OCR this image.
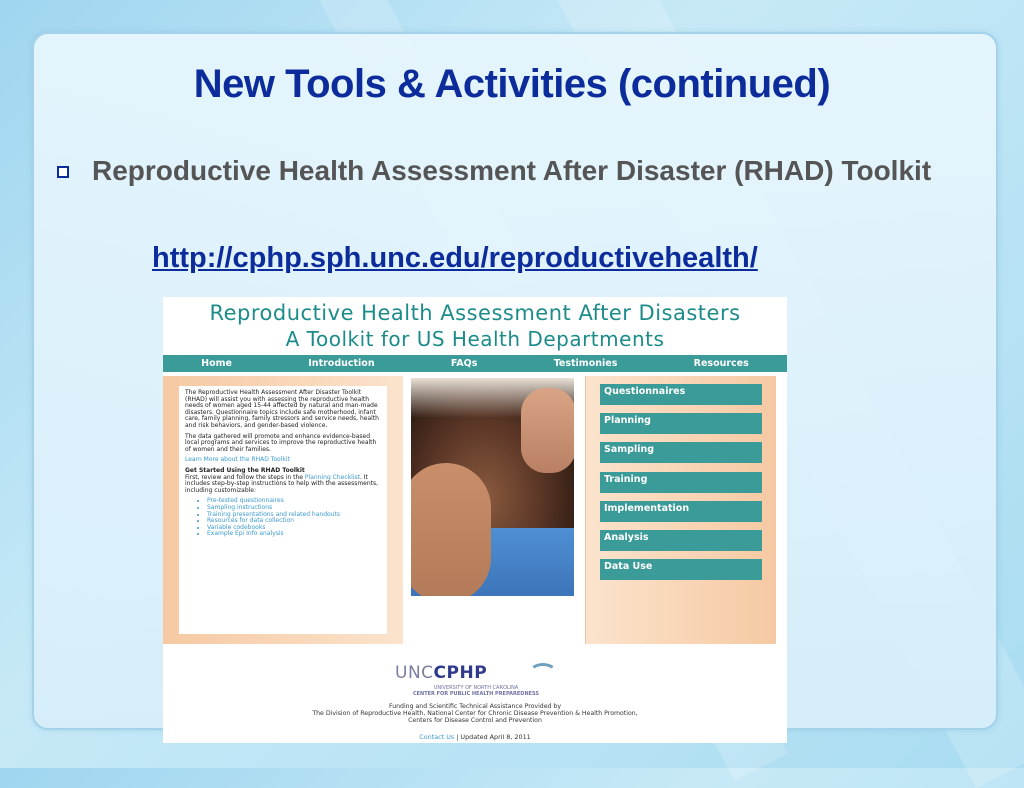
New Tools & Activities (continued)
Reproductive Health Assessment After Disaster (RHAD) Toolkit
http://cphp.sph.unc.edu/reproductivehealth/
Reproductive Health Assessment After Disasters
A Toolkit for US Health Departments
Home	Introduction	FAQs	Testimonies	Resources

The Reproductive Health Assessment After Disaster Toolkit (RHAD) will assist you with assessing the reproductive health needs of women aged 15-44 affected by natural and man-made disasters. Questionnaire topics include safe motherhood, infant care, family planning, family stressors and service needs, health and risk behaviors, and gender-based violence.

The data gathered will promote and enhance evidence-based local programs and services to improve the reproductive health of women and their families.

Learn More about the RHAD Toolkit

Get Started Using the RHAD Toolkit

First, review and follow the steps in the Planning Checklist. It includes step-by-step instructions to help with the assessments, including customizable:

• Pre-tested questionnaires
• Sampling instructions
• Training presentations and related handouts
• Resources for data collection
• Variable codebooks
• Example Epi Info analysis
Questionnaires
Planning
Sampling
Training
Implementation
Analysis
Data Use
UNCCPHP
UNIVERSITY OF NORTH CAROLINA
CENTER FOR PUBLIC HEALTH PREPAREDNESS
Funding and Scientific Technical Assistance Provided by
The Division of Reproductive Health, National Center for Chronic Disease Prevention & Health Promotion,
Centers for Disease Control and Prevention
Contact Us | Updated April 8, 2011
